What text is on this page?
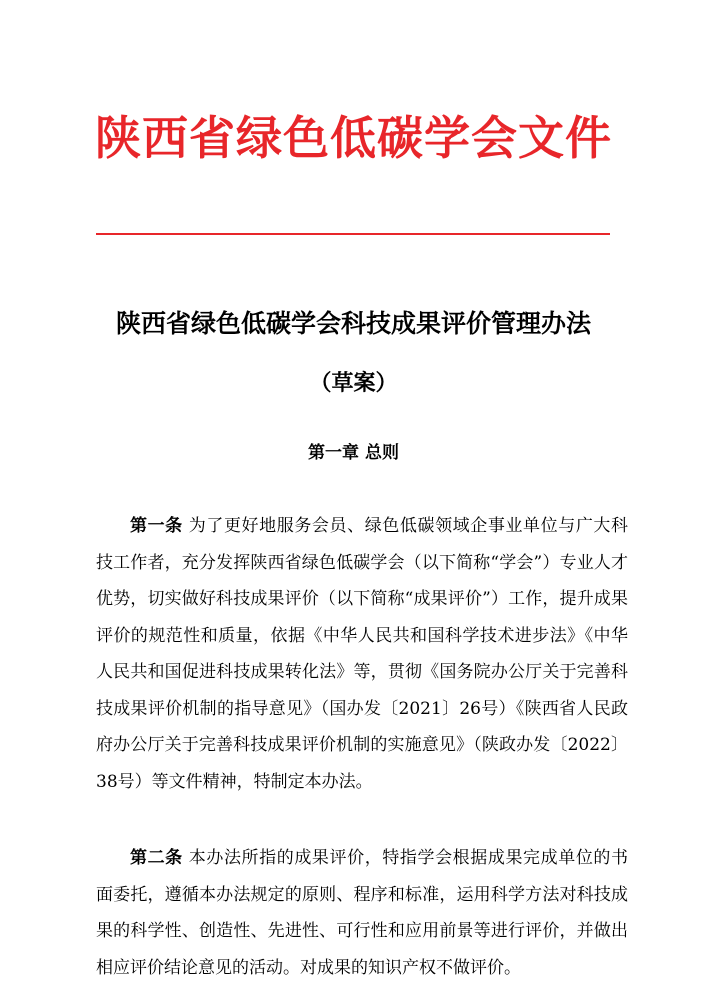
陕西省绿色低碳学会文件
陕西省绿色低碳学会科技成果评价管理办法
（草案）
第一章 总则

第一条 为了更好地服务会员、绿色低碳领域企事业单位与广大科技工作者，充分发挥陕西省绿色低碳学会（以下简称“学会”）专业人才优势，切实做好科技成果评价（以下简称“成果评价”）工作，提升成果评价的规范性和质量，依据《中华人民共和国科学技术进步法》《中华人民共和国促进科技成果转化法》等，贯彻《国务院办公厅关于完善科技成果评价机制的指导意见》（国办发〔2021〕26号）《陕西省人民政府办公厅关于完善科技成果评价机制的实施意见》（陕政办发〔2022〕38号）等文件精神，特制定本办法。

第二条 本办法所指的成果评价，特指学会根据成果完成单位的书面委托，遵循本办法规定的原则、程序和标准，运用科学方法对科技成果的科学性、创造性、先进性、可行性和应用前景等进行评价，并做出相应评价结论意见的活动。对成果的知识产权不做评价。
